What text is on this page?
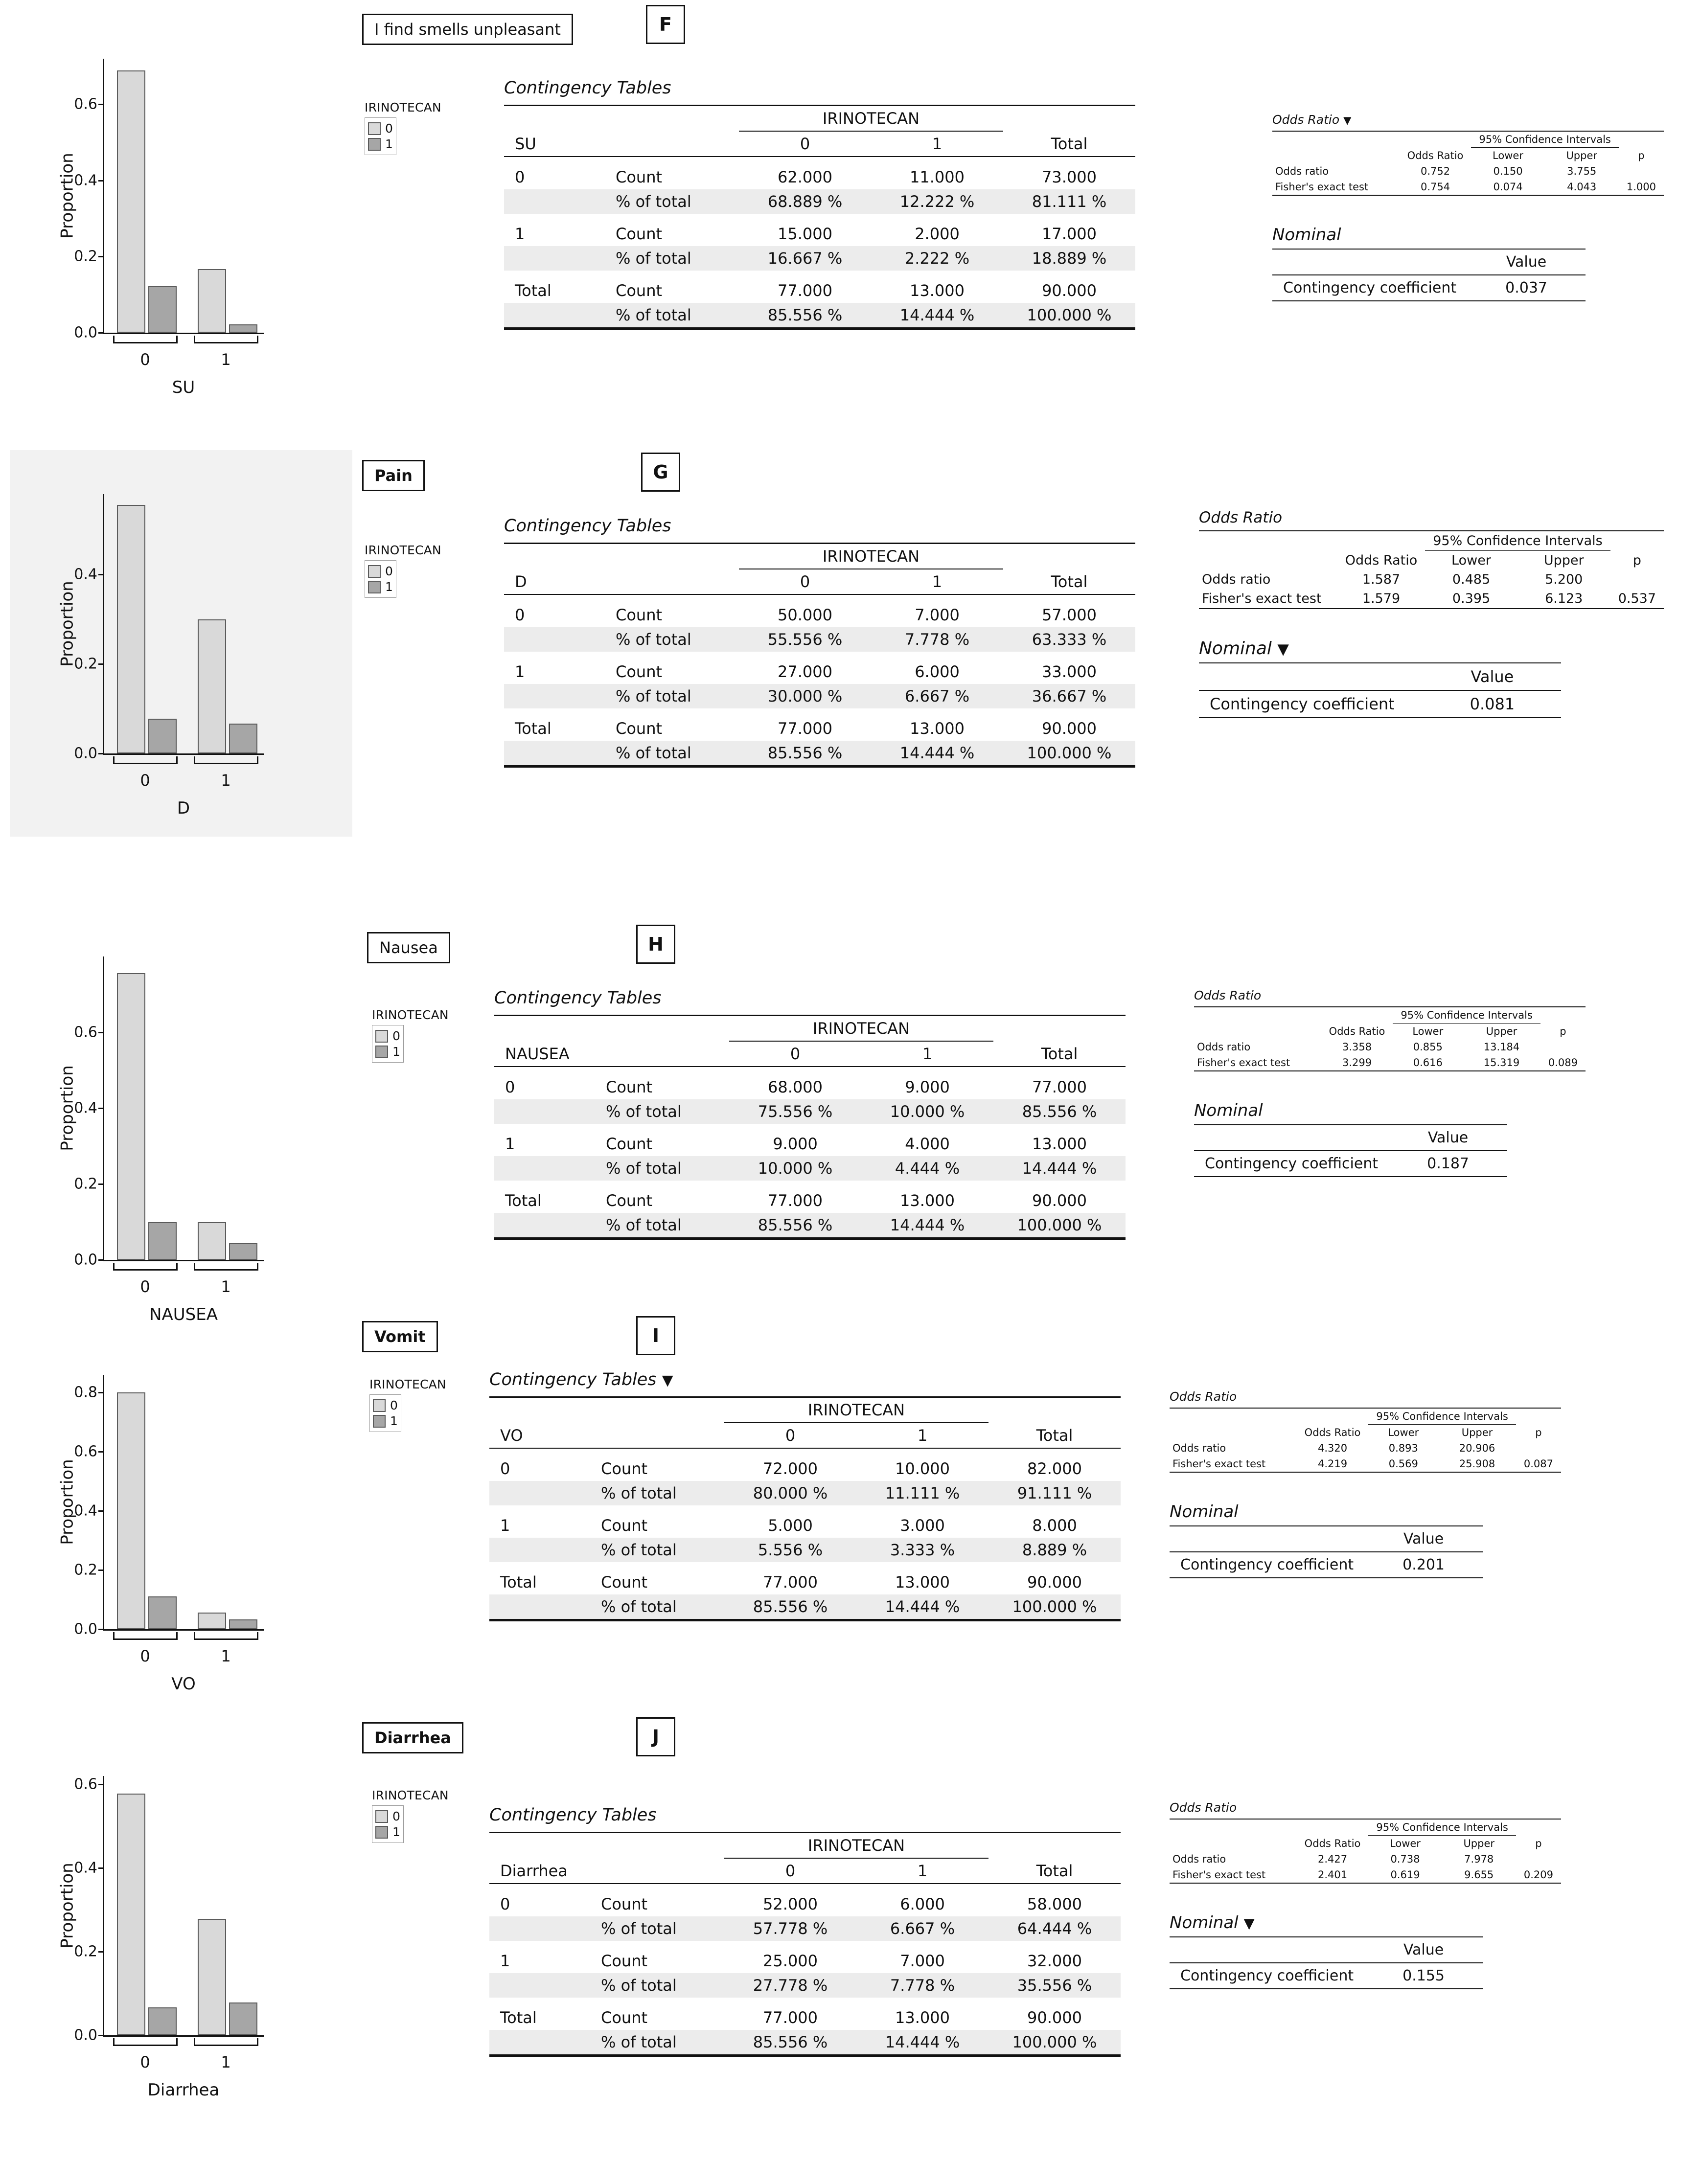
Proportion
0.0
0.2
0.4
0.6
0	1
SU
IRINOTECAN
0
1
I find smells unpleasant	F
Contingency Tables
		IRINOTECAN		
SU		0	1	Total

0	Count	62.000	11.000	73.000
	% of total	68.889 %	12.222 %	81.111 %

1	Count	15.000	2.000	17.000
	% of total	16.667 %	2.222 %	18.889 %

Total	Count	77.000	13.000	90.000
	% of total	85.556 %	14.444 %	100.000 %
Odds Ratio ▼
		95% Confidence Intervals		
	Odds Ratio	Lower	Upper	p
Odds ratio	0.752	0.150	3.755	
Fisher's exact test	0.754	0.074	4.043	1.000
Nominal
	Value
Contingency coefficient	0.037
Proportion
0.0
0.2
0.4
0	1
D
IRINOTECAN
0
1
Pain	G
Contingency Tables
		IRINOTECAN		
D		0	1	Total

0	Count	50.000	7.000	57.000
	% of total	55.556 %	7.778 %	63.333 %

1	Count	27.000	6.000	33.000
	% of total	30.000 %	6.667 %	36.667 %

Total	Count	77.000	13.000	90.000
	% of total	85.556 %	14.444 %	100.000 %
Odds Ratio
		95% Confidence Intervals		
	Odds Ratio	Lower	Upper	p
Odds ratio	1.587	0.485	5.200	
Fisher's exact test	1.579	0.395	6.123	0.537
Nominal ▼
	Value
Contingency coefficient	0.081
Proportion
0.0
0.2
0.4
0.6
0	1
NAUSEA
IRINOTECAN
0
1
Nausea	H
Contingency Tables
		IRINOTECAN		
NAUSEA		0	1	Total

0	Count	68.000	9.000	77.000
	% of total	75.556 %	10.000 %	85.556 %

1	Count	9.000	4.000	13.000
	% of total	10.000 %	4.444 %	14.444 %

Total	Count	77.000	13.000	90.000
	% of total	85.556 %	14.444 %	100.000 %
Odds Ratio
		95% Confidence Intervals		
	Odds Ratio	Lower	Upper	p
Odds ratio	3.358	0.855	13.184	
Fisher's exact test	3.299	0.616	15.319	0.089
Nominal
	Value
Contingency coefficient	0.187
Proportion
0.0
0.2
0.4
0.6
0.8
0	1
VO
IRINOTECAN
0
1
Vomit	I
Contingency Tables ▼
		IRINOTECAN		
VO		0	1	Total

0	Count	72.000	10.000	82.000
	% of total	80.000 %	11.111 %	91.111 %

1	Count	5.000	3.000	8.000
	% of total	5.556 %	3.333 %	8.889 %

Total	Count	77.000	13.000	90.000
	% of total	85.556 %	14.444 %	100.000 %
Odds Ratio
		95% Confidence Intervals		
	Odds Ratio	Lower	Upper	p
Odds ratio	4.320	0.893	20.906	
Fisher's exact test	4.219	0.569	25.908	0.087
Nominal
	Value
Contingency coefficient	0.201
Proportion
0.0
0.2
0.4
0.6
0	1
Diarrhea
IRINOTECAN
0
1
Diarrhea	J
Contingency Tables
		IRINOTECAN		
Diarrhea		0	1	Total

0	Count	52.000	6.000	58.000
	% of total	57.778 %	6.667 %	64.444 %

1	Count	25.000	7.000	32.000
	% of total	27.778 %	7.778 %	35.556 %

Total	Count	77.000	13.000	90.000
	% of total	85.556 %	14.444 %	100.000 %
Odds Ratio
		95% Confidence Intervals		
	Odds Ratio	Lower	Upper	p
Odds ratio	2.427	0.738	7.978	
Fisher's exact test	2.401	0.619	9.655	0.209
Nominal ▼
	Value
Contingency coefficient	0.155
